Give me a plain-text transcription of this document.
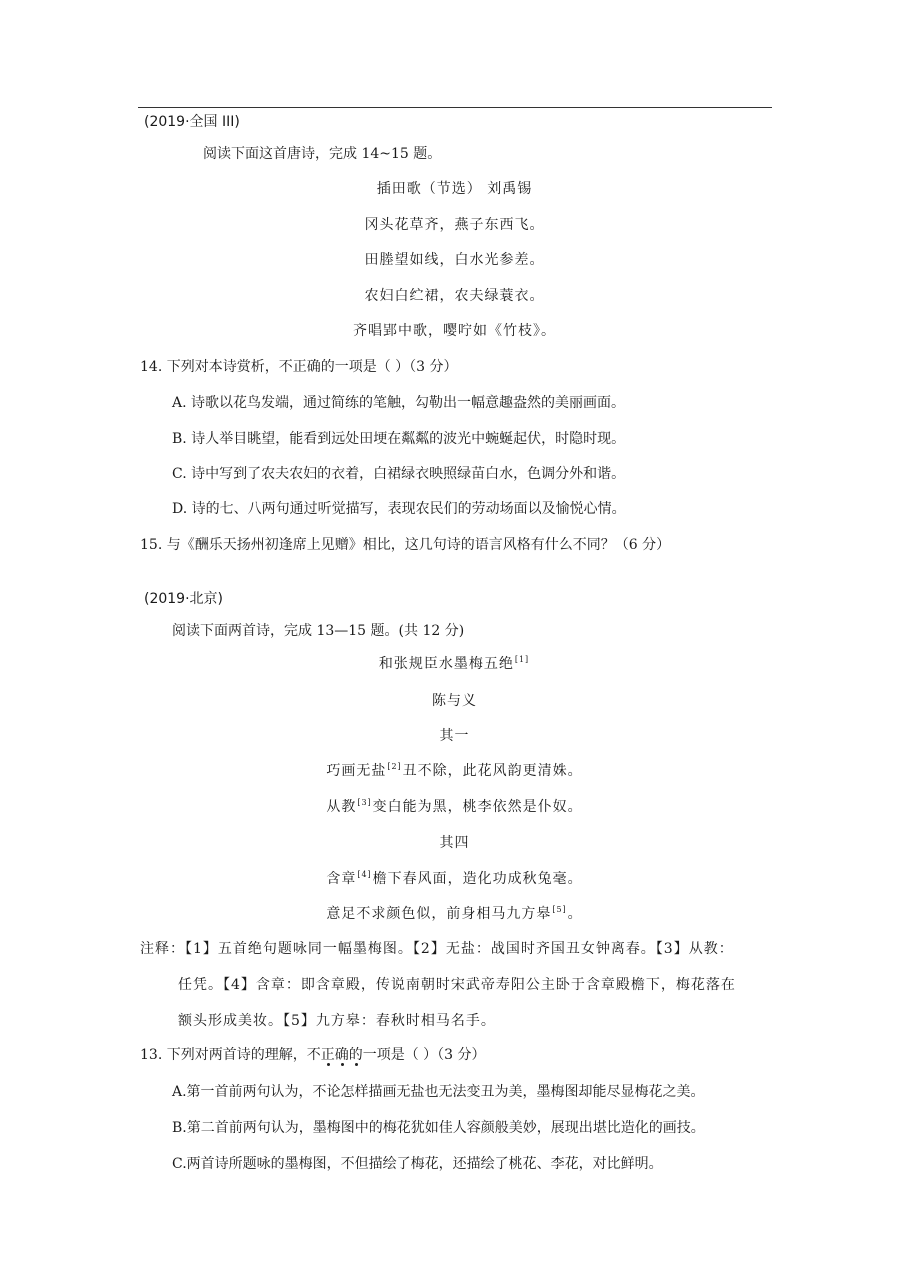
(2019·全国 III)
阅读下面这首唐诗，完成 14~15 题。
插田歌（节选） 刘禹锡
冈头花草齐，燕子东西飞。
田塍望如线，白水光参差。
农妇白纻裙，农夫绿蓑衣。
齐唱郢中歌，嘤咛如《竹枝》。
14. 下列对本诗赏析，不正确的一项是（ ）（3 分）
A. 诗歌以花鸟发端，通过简练的笔触，勾勒出一幅意趣盎然的美丽画面。
B. 诗人举目眺望，能看到远处田埂在粼粼的波光中蜿蜒起伏，时隐时现。
C. 诗中写到了农夫农妇的衣着，白裙绿衣映照绿苗白水，色调分外和谐。
D. 诗的七、八两句通过听觉描写，表现农民们的劳动场面以及愉悦心情。
15. 与《酬乐天扬州初逢席上见赠》相比，这几句诗的语言风格有什么不同？（6 分）
(2019·北京)
阅读下面两首诗，完成 13—15 题。(共 12 分)
和张规臣水墨梅五绝[1]
陈与义
其一
巧画无盐[2]丑不除，此花风韵更清姝。
从教[3]变白能为黑，桃李依然是仆奴。
其四
含章[4]檐下春风面，造化功成秋兔毫。
意足不求颜色似，前身相马九方皋[5]。
注释：【1】五首绝句题咏同一幅墨梅图。【2】无盐：战国时齐国丑女钟离春。【3】从教：
任凭。【4】含章：即含章殿，传说南朝时宋武帝寿阳公主卧于含章殿檐下，梅花落在
额头形成美妆。【5】九方皋：春秋时相马名手。
13. 下列对两首诗的理解，不正确的一项是（ ）（3 分）
A.第一首前两句认为，不论怎样描画无盐也无法变丑为美，墨梅图却能尽显梅花之美。
B.第二首前两句认为，墨梅图中的梅花犹如佳人容颜般美妙，展现出堪比造化的画技。
C.两首诗所题咏的墨梅图，不但描绘了梅花，还描绘了桃花、李花，对比鲜明。
